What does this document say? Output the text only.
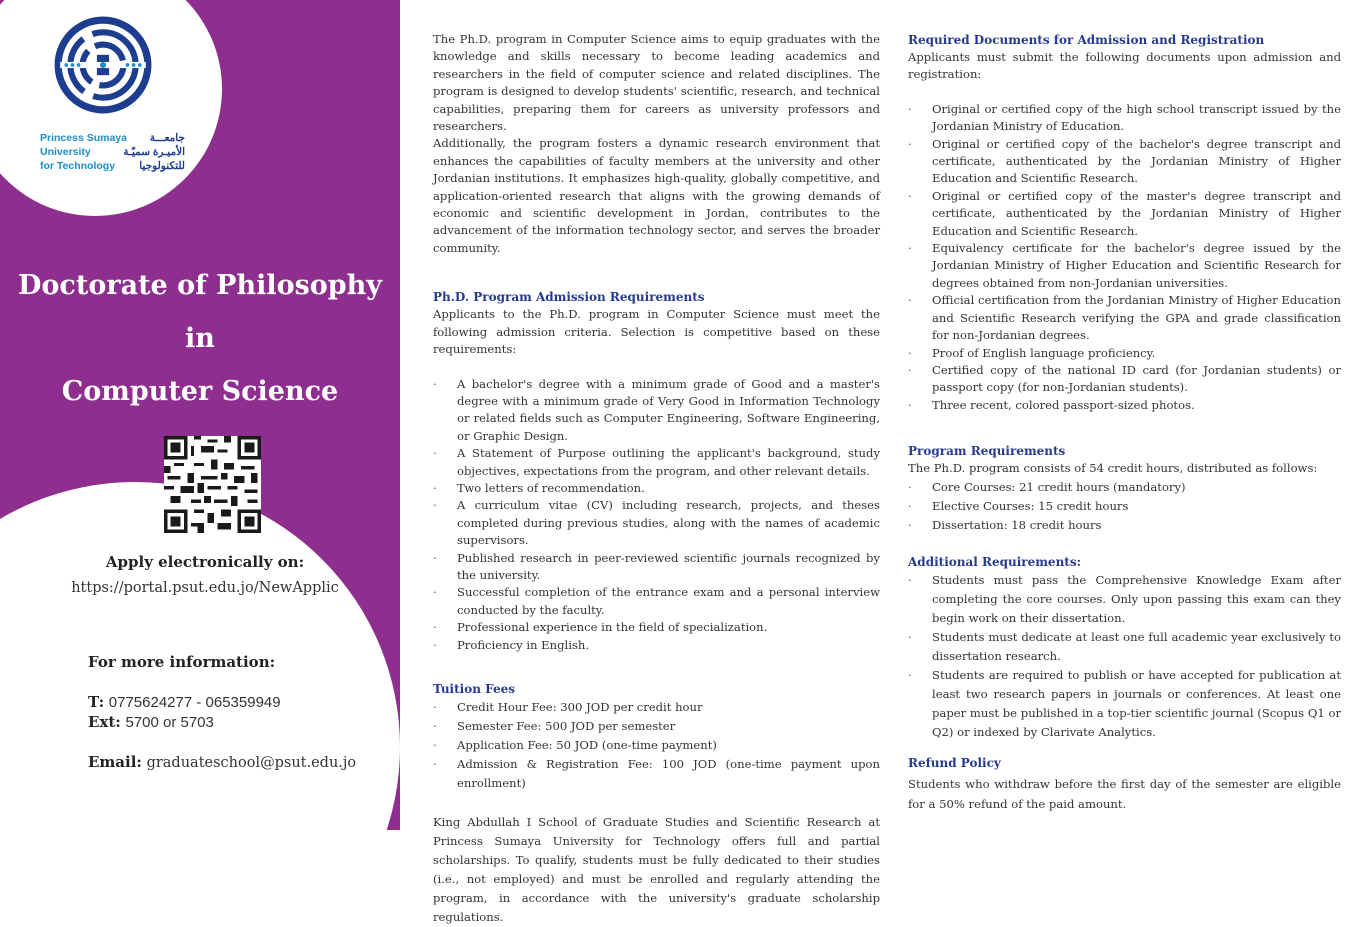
Princess Sumaya جامعـــة
University	الأميـرة سميّـة
for Technology للتكنولوجيا
Doctorate of Philosophy
in
Computer Science
Apply electronically on:
https://portal.psut.edu.jo/NewApplic
For more information:
T: 0775624277 - 065359949
Ext: 5700 or 5703
Email: graduateschool@psut.edu.jo

The Ph.D. program in Computer Science aims to equip graduates with the knowledge and skills necessary to become leading academics and researchers in the field of computer science and related disciplines. The program is designed to develop students' scientific, research, and technical capabilities, preparing them for careers as university professors and researchers.

Additionally, the program fosters a dynamic research environment that enhances the capabilities of faculty members at the university and other Jordanian institutions. It emphasizes high-quality, globally competitive, and application-oriented research that aligns with the growing demands of economic and scientific development in Jordan, contributes to the advancement of the information technology sector, and serves the broader community.

Ph.D. Program Admission Requirements

Applicants to the Ph.D. program in Computer Science must meet the following admission criteria. Selection is competitive based on these requirements:

· A bachelor's degree with a minimum grade of Good and a master's degree with a minimum grade of Very Good in Information Technology or related fields such as Computer Engineering, Software Engineering, or Graphic Design.
· A Statement of Purpose outlining the applicant's background, study objectives, expectations from the program, and other relevant details.
· Two letters of recommendation.
· A curriculum vitae (CV) including research, projects, and theses completed during previous studies, along with the names of academic supervisors.
· Published research in peer-reviewed scientific journals recognized by the university.
· Successful completion of the entrance exam and a personal interview conducted by the faculty.
· Professional experience in the field of specialization.
· Proficiency in English.
Tuition Fees
· Credit Hour Fee: 300 JOD per credit hour
· Semester Fee: 500 JOD per semester
· Application Fee: 50 JOD (one-time payment)
· Admission & Registration Fee: 100 JOD (one-time payment upon enrollment)

King Abdullah I School of Graduate Studies and Scientific Research at Princess Sumaya University for Technology offers full and partial scholarships. To qualify, students must be fully dedicated to their studies (i.e., not employed) and must be enrolled and regularly attending the program, in accordance with the university's graduate scholarship regulations.

Required Documents for Admission and Registration

Applicants must submit the following documents upon admission and registration:

· Original or certified copy of the high school transcript issued by the Jordanian Ministry of Education.
· Original or certified copy of the bachelor's degree transcript and certificate, authenticated by the Jordanian Ministry of Higher Education and Scientific Research.
· Original or certified copy of the master's degree transcript and certificate, authenticated by the Jordanian Ministry of Higher Education and Scientific Research.
· Equivalency certificate for the bachelor's degree issued by the Jordanian Ministry of Higher Education and Scientific Research for degrees obtained from non-Jordanian universities.
· Official certification from the Jordanian Ministry of Higher Education and Scientific Research verifying the GPA and grade classification for non-Jordanian degrees.
· Proof of English language proficiency.
· Certified copy of the national ID card (for Jordanian students) or passport copy (for non-Jordanian students).
· Three recent, colored passport-sized photos.
Program Requirements

The Ph.D. program consists of 54 credit hours, distributed as follows:

· Core Courses: 21 credit hours (mandatory)
· Elective Courses: 15 credit hours
· Dissertation: 18 credit hours
Additional Requirements:
· Students must pass the Comprehensive Knowledge Exam after completing the core courses. Only upon passing this exam can they begin work on their dissertation.
· Students must dedicate at least one full academic year exclusively to dissertation research.
· Students are required to publish or have accepted for publication at least two research papers in journals or conferences. At least one paper must be published in a top-tier scientific journal (Scopus Q1 or Q2) or indexed by Clarivate Analytics.
Refund Policy

Students who withdraw before the first day of the semester are eligible for a 50% refund of the paid amount.
